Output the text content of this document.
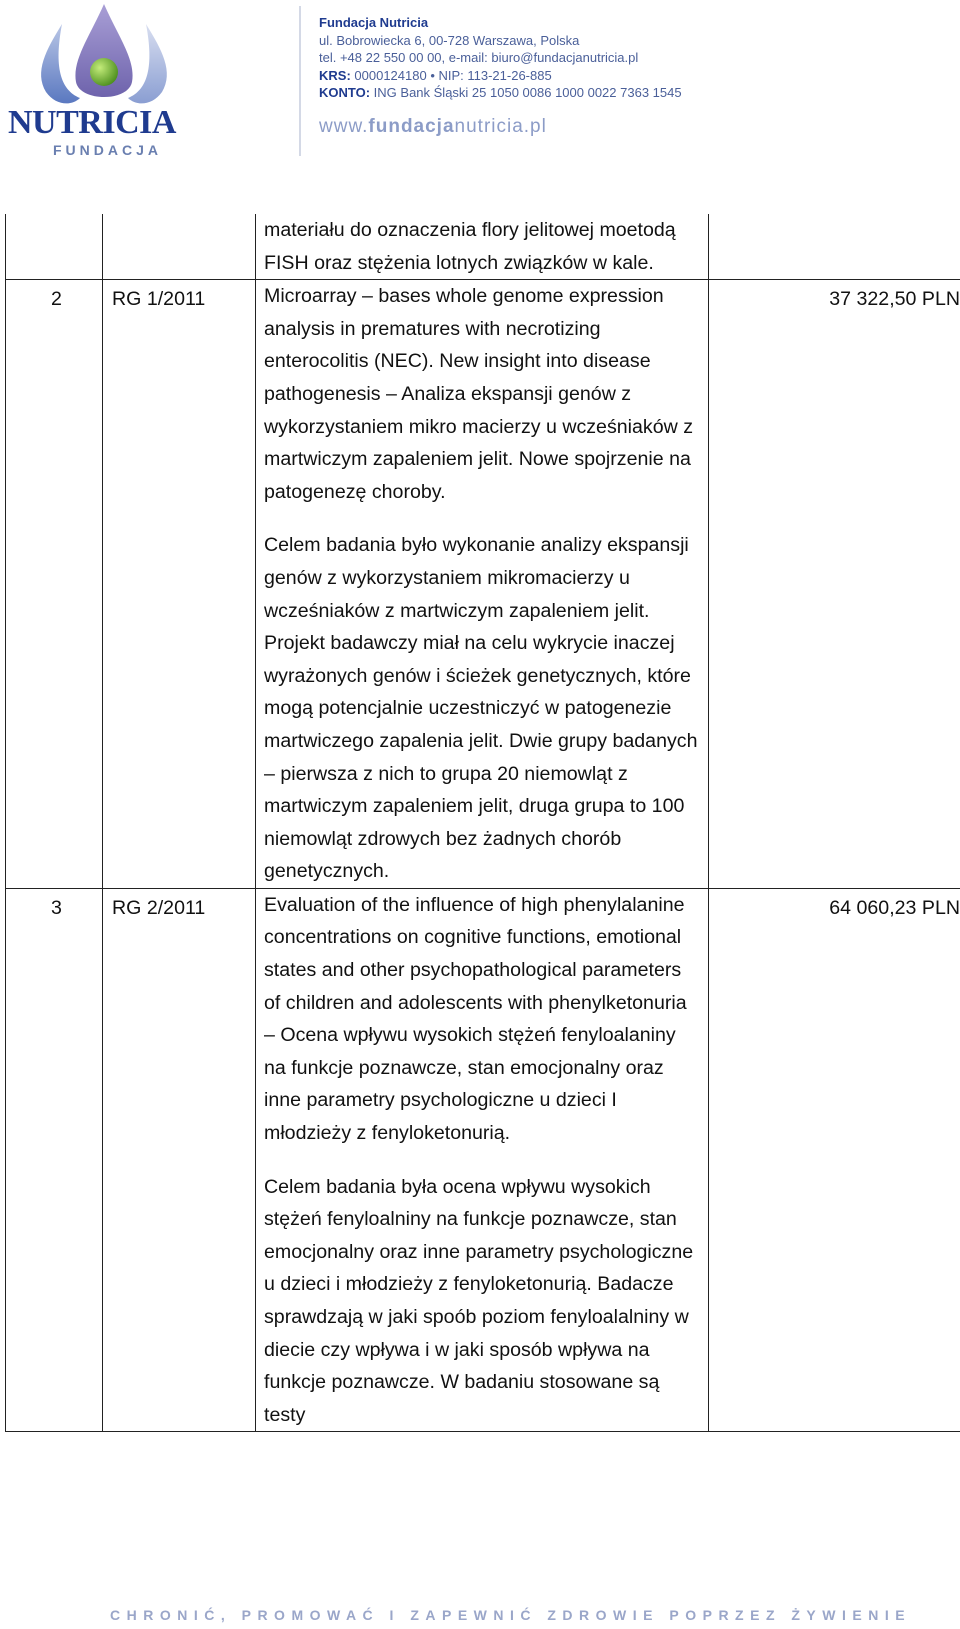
NUTRICIA
FUNDACJA
Fundacja Nutricia
ul. Bobrowiecka 6, 00-728 Warszawa, Polska
tel. +48 22 550 00 00, e-mail: biuro@fundacjanutricia.pl
KRS: 0000124180 • NIP: 113-21-26-885
KONTO: ING Bank Śląski 25 1050 0086 1000 0022 7363 1545
www.fundacjanutricia.pl

		materiału do oznaczenia flory jelitowej moetodą FISH oraz stężenia lotnych związków w kale.	

2	RG 1/2011	Microarray – bases whole genome expression analysis in prematures with necrotizing enterocolitis (NEC). New insight into disease pathogenesis – Analiza ekspansji genów z wykorzystaniem mikro macierzy u wcześniaków z martwiczym zapaleniem jelit. Nowe spojrzenie na patogenezę choroby.

Celem badania było wykonanie analizy ekspansji genów z wykorzystaniem mikromacierzy u wcześniaków z martwiczym zapaleniem jelit. Projekt badawczy miał na celu wykrycie inaczej wyrażonych genów i ścieżek genetycznych, które mogą potencjalnie uczestniczyć w patogenezie martwiczego zapalenia jelit. Dwie grupy badanych – pierwsza z nich to grupa 20 niemowląt z martwiczym zapaleniem jelit, druga grupa to 100 niemowląt zdrowych bez żadnych chorób genetycznych.	37 322,50 PLN
3	RG 2/2011	Evaluation of the influence of high phenylalanine concentrations on cognitive functions, emotional states and other psychopathological parameters of children and adolescents with phenylketonuria – Ocena wpływu wysokich stężeń fenyloalaniny na funkcje poznawcze, stan emocjonalny oraz inne parametry psychologiczne u dzieci I młodzieży z fenyloketonurią.

Celem badania była ocena wpływu wysokich stężeń fenyloalniny na funkcje poznawcze, stan emocjonalny oraz inne parametry psychologiczne u dzieci i młodzieży z fenyloketonurią. Badacze sprawdzają w jaki spoób poziom fenyloalalniny w diecie czy wpływa i w jaki sposób wpływa na funkcje poznawcze. W badaniu stosowane są testy	64 060,23 PLN
CHRONIĆ, PROMOWAĆ I ZAPEWNIĆ ZDROWIE POPRZEZ ŻYWIENIE
